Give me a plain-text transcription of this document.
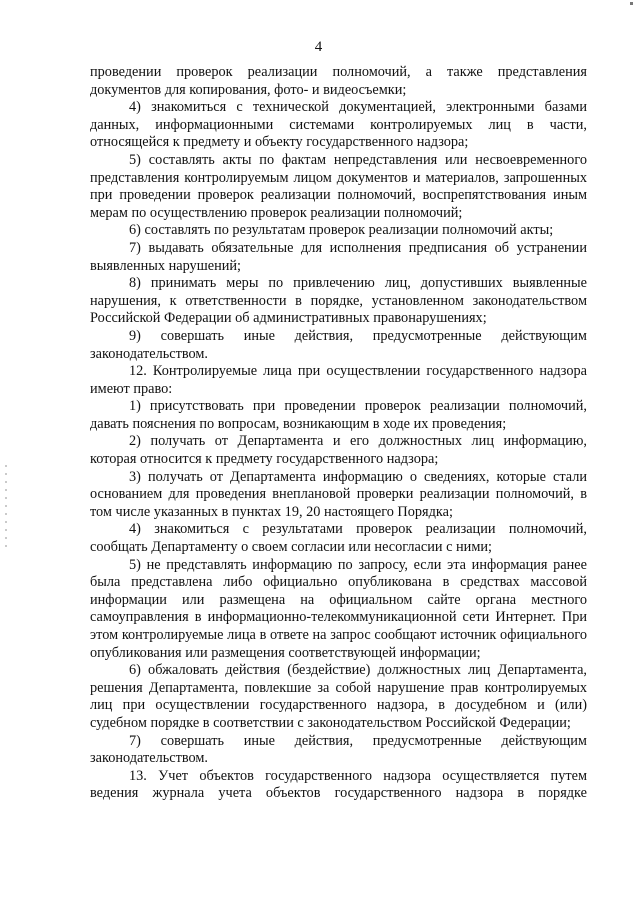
4

проведении проверок реализации полномочий, а также представления документов для копирования, фото- и видеосъемки;

4) знакомиться с технической документацией, электронными базами данных, информационными системами контролируемых лиц в части, относящейся к предмету и объекту государственного надзора;

5) составлять акты по фактам непредставления или несвоевременного представления контролируемым лицом документов и материалов, запрошенных при проведении проверок реализации полномочий, воспрепятствования иным мерам по осуществлению проверок реализации полномочий;

6) составлять по результатам проверок реализации полномочий акты;

7) выдавать обязательные для исполнения предписания об устранении выявленных нарушений;

8) принимать меры по привлечению лиц, допустивших выявленные нарушения, к ответственности в порядке, установленном законодательством Российской Федерации об административных правонарушениях;

9) совершать иные действия, предусмотренные действующим законодательством.

12. Контролируемые лица при осуществлении государственного надзора имеют право:

1) присутствовать при проведении проверок реализации полномочий, давать пояснения по вопросам, возникающим в ходе их проведения;

2) получать от Департамента и его должностных лиц информацию, которая относится к предмету государственного надзора;

3) получать от Департамента информацию о сведениях, которые стали основанием для проведения внеплановой проверки реализации полномочий, в том числе указанных в пунктах 19, 20 настоящего Порядка;

4) знакомиться с результатами проверок реализации полномочий, сообщать Департаменту о своем согласии или несогласии с ними;

5) не представлять информацию по запросу, если эта информация ранее была представлена либо официально опубликована в средствах массовой информации или размещена на официальном сайте органа местного самоуправления в информационно-телекоммуникационной сети Интернет. При этом контролируемые лица в ответе на запрос сообщают источник официального опубликования или размещения соответствующей информации;

6) обжаловать действия (бездействие) должностных лиц Департамента, решения Департамента, повлекшие за собой нарушение прав контролируемых лиц при осуществлении государственного надзора, в досудебном и (или) судебном порядке в соответствии с законодательством Российской Федерации;

7) совершать иные действия, предусмотренные действующим законодательством.

13. Учет объектов государственного надзора осуществляется путем ведения журнала учета объектов государственного надзора в порядке
